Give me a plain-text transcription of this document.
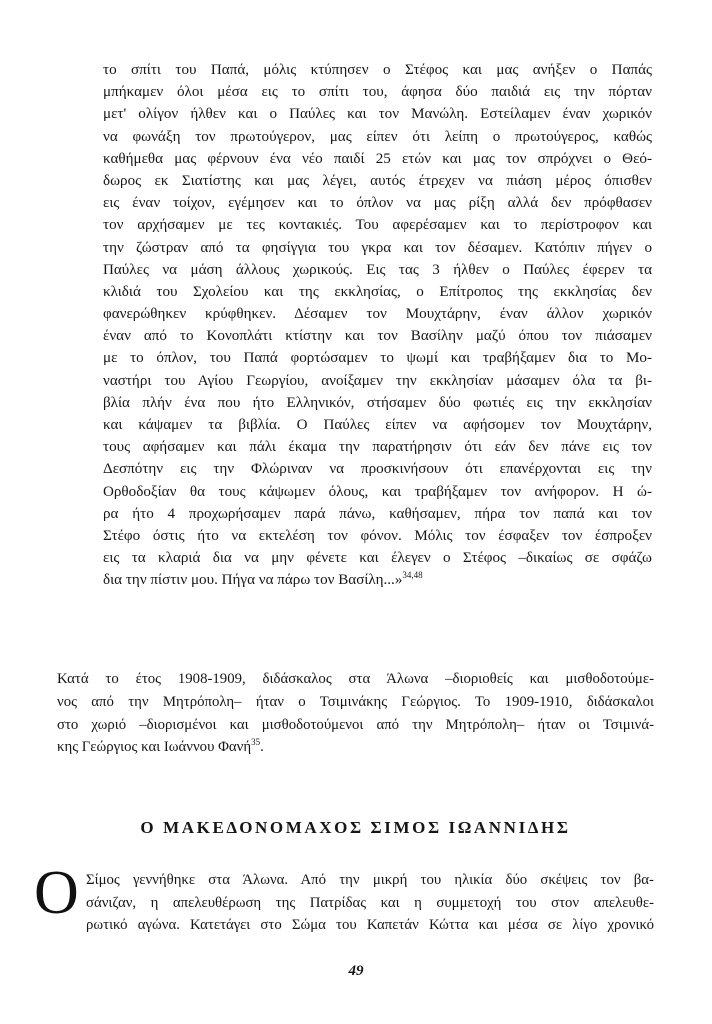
το σπίτι του Παπά, μόλις κτύπησεν ο Στέφος και μας ανήξεν ο Παπάς
μπήκαμεν όλοι μέσα εις το σπίτι του, άφησα δύο παιδιά εις την πόρταν
μετ' ολίγον ήλθεν και ο Παύλες και τον Μανώλη. Εστείλαμεν έναν χωρικόν
να φωνάξη τον πρωτούγερον, μας είπεν ότι λείπη ο πρωτούγερος, καθώς
καθήμεθα μας φέρνουν ένα νέο παιδί 25 ετών και μας τον σπρόχνει ο Θεό-
δωρος εκ Σιατίστης και μας λέγει, αυτός έτρεχεν να πιάση μέρος όπισθεν
εις έναν τοίχον, εγέμησεν και το όπλον να μας ρίξη αλλά δεν πρόφθασεν
τον αρχήσαμεν με τες κοντακιές. Του αφερέσαμεν και το περίστροφον και
την ζώστραν από τα φησίγγια του γκρα και τον δέσαμεν. Κατόπιν πήγεν ο
Παύλες να μάση άλλους χωρικούς. Εις τας 3 ήλθεν ο Παύλες έφερεν τα
κλιδιά του Σχολείου και της εκκλησίας, ο Επίτροπος της εκκλησίας δεν
φανερώθηκεν κρύφθηκεν. Δέσαμεν τον Μουχτάρην, έναν άλλον χωρικόν
έναν από το Κονοπλάτι κτίστην και τον Βασίλην μαζύ όπου τον πιάσαμεν
με το όπλον, του Παπά φορτώσαμεν το ψωμί και τραβήξαμεν δια το Μο-
ναστήρι του Αγίου Γεωργίου, ανοίξαμεν την εκκλησίαν μάσαμεν όλα τα βι-
βλία πλήν ένα που ήτο Ελληνικόν, στήσαμεν δύο φωτιές εις την εκκλησίαν
και κάψαμεν τα βιβλία. Ο Παύλες είπεν να αφήσομεν τον Μουχτάρην,
τους αφήσαμεν και πάλι έκαμα την παρατήρησιν ότι εάν δεν πάνε εις τον
Δεσπότην εις την Φλώριναν να προσκινήσουν ότι επανέρχονται εις την
Ορθοδοξίαν θα τους κάψωμεν όλους, και τραβήξαμεν τον ανήφορον. Η ώ-
ρα ήτο 4 προχωρήσαμεν παρά πάνω, καθήσαμεν, πήρα τον παπά και τον
Στέφο όστις ήτο να εκτελέση τον φόνον. Μόλις τον έσφαξεν τον έσπροξεν
εις τα κλαριά δια να μην φένετε και έλεγεν ο Στέφος –δικαίως σε σφάζω
δια την πίστιν μου. Πήγα να πάρω τον Βασίλη...»$^{34,48}$
Κατά το έτος 1908-1909, διδάσκαλος στα Άλωνα –διοριοθείς και μισθοδοτούμε-
νος από την Μητρόπολη– ήταν ο Τσιμινάκης Γεώργιος. Το 1909-1910, διδάσκαλοι
στο χωριό –διορισμένοι και μισθοδοτούμενοι από την Μητρόπολη– ήταν οι Τσιμινά-
κης Γεώργιος και Ιωάννου Φανή$^{35}$.
Ο ΜΑΚΕΔΟΝΟΜΑΧΟΣ ΣΙΜΟΣ ΙΩΑΝΝΙΔΗΣ
Ο Σίμος γεννήθηκε στα Άλωνα. Από την μικρή του ηλικία δύο σκέψεις τον βα-
σάνιζαν, η απελευθέρωση της Πατρίδας και η συμμετοχή του στον απελευθε-
ρωτικό αγώνα. Κατετάγει στο Σώμα του Καπετάν Κώττα και μέσα σε λίγο χρονικό
49
